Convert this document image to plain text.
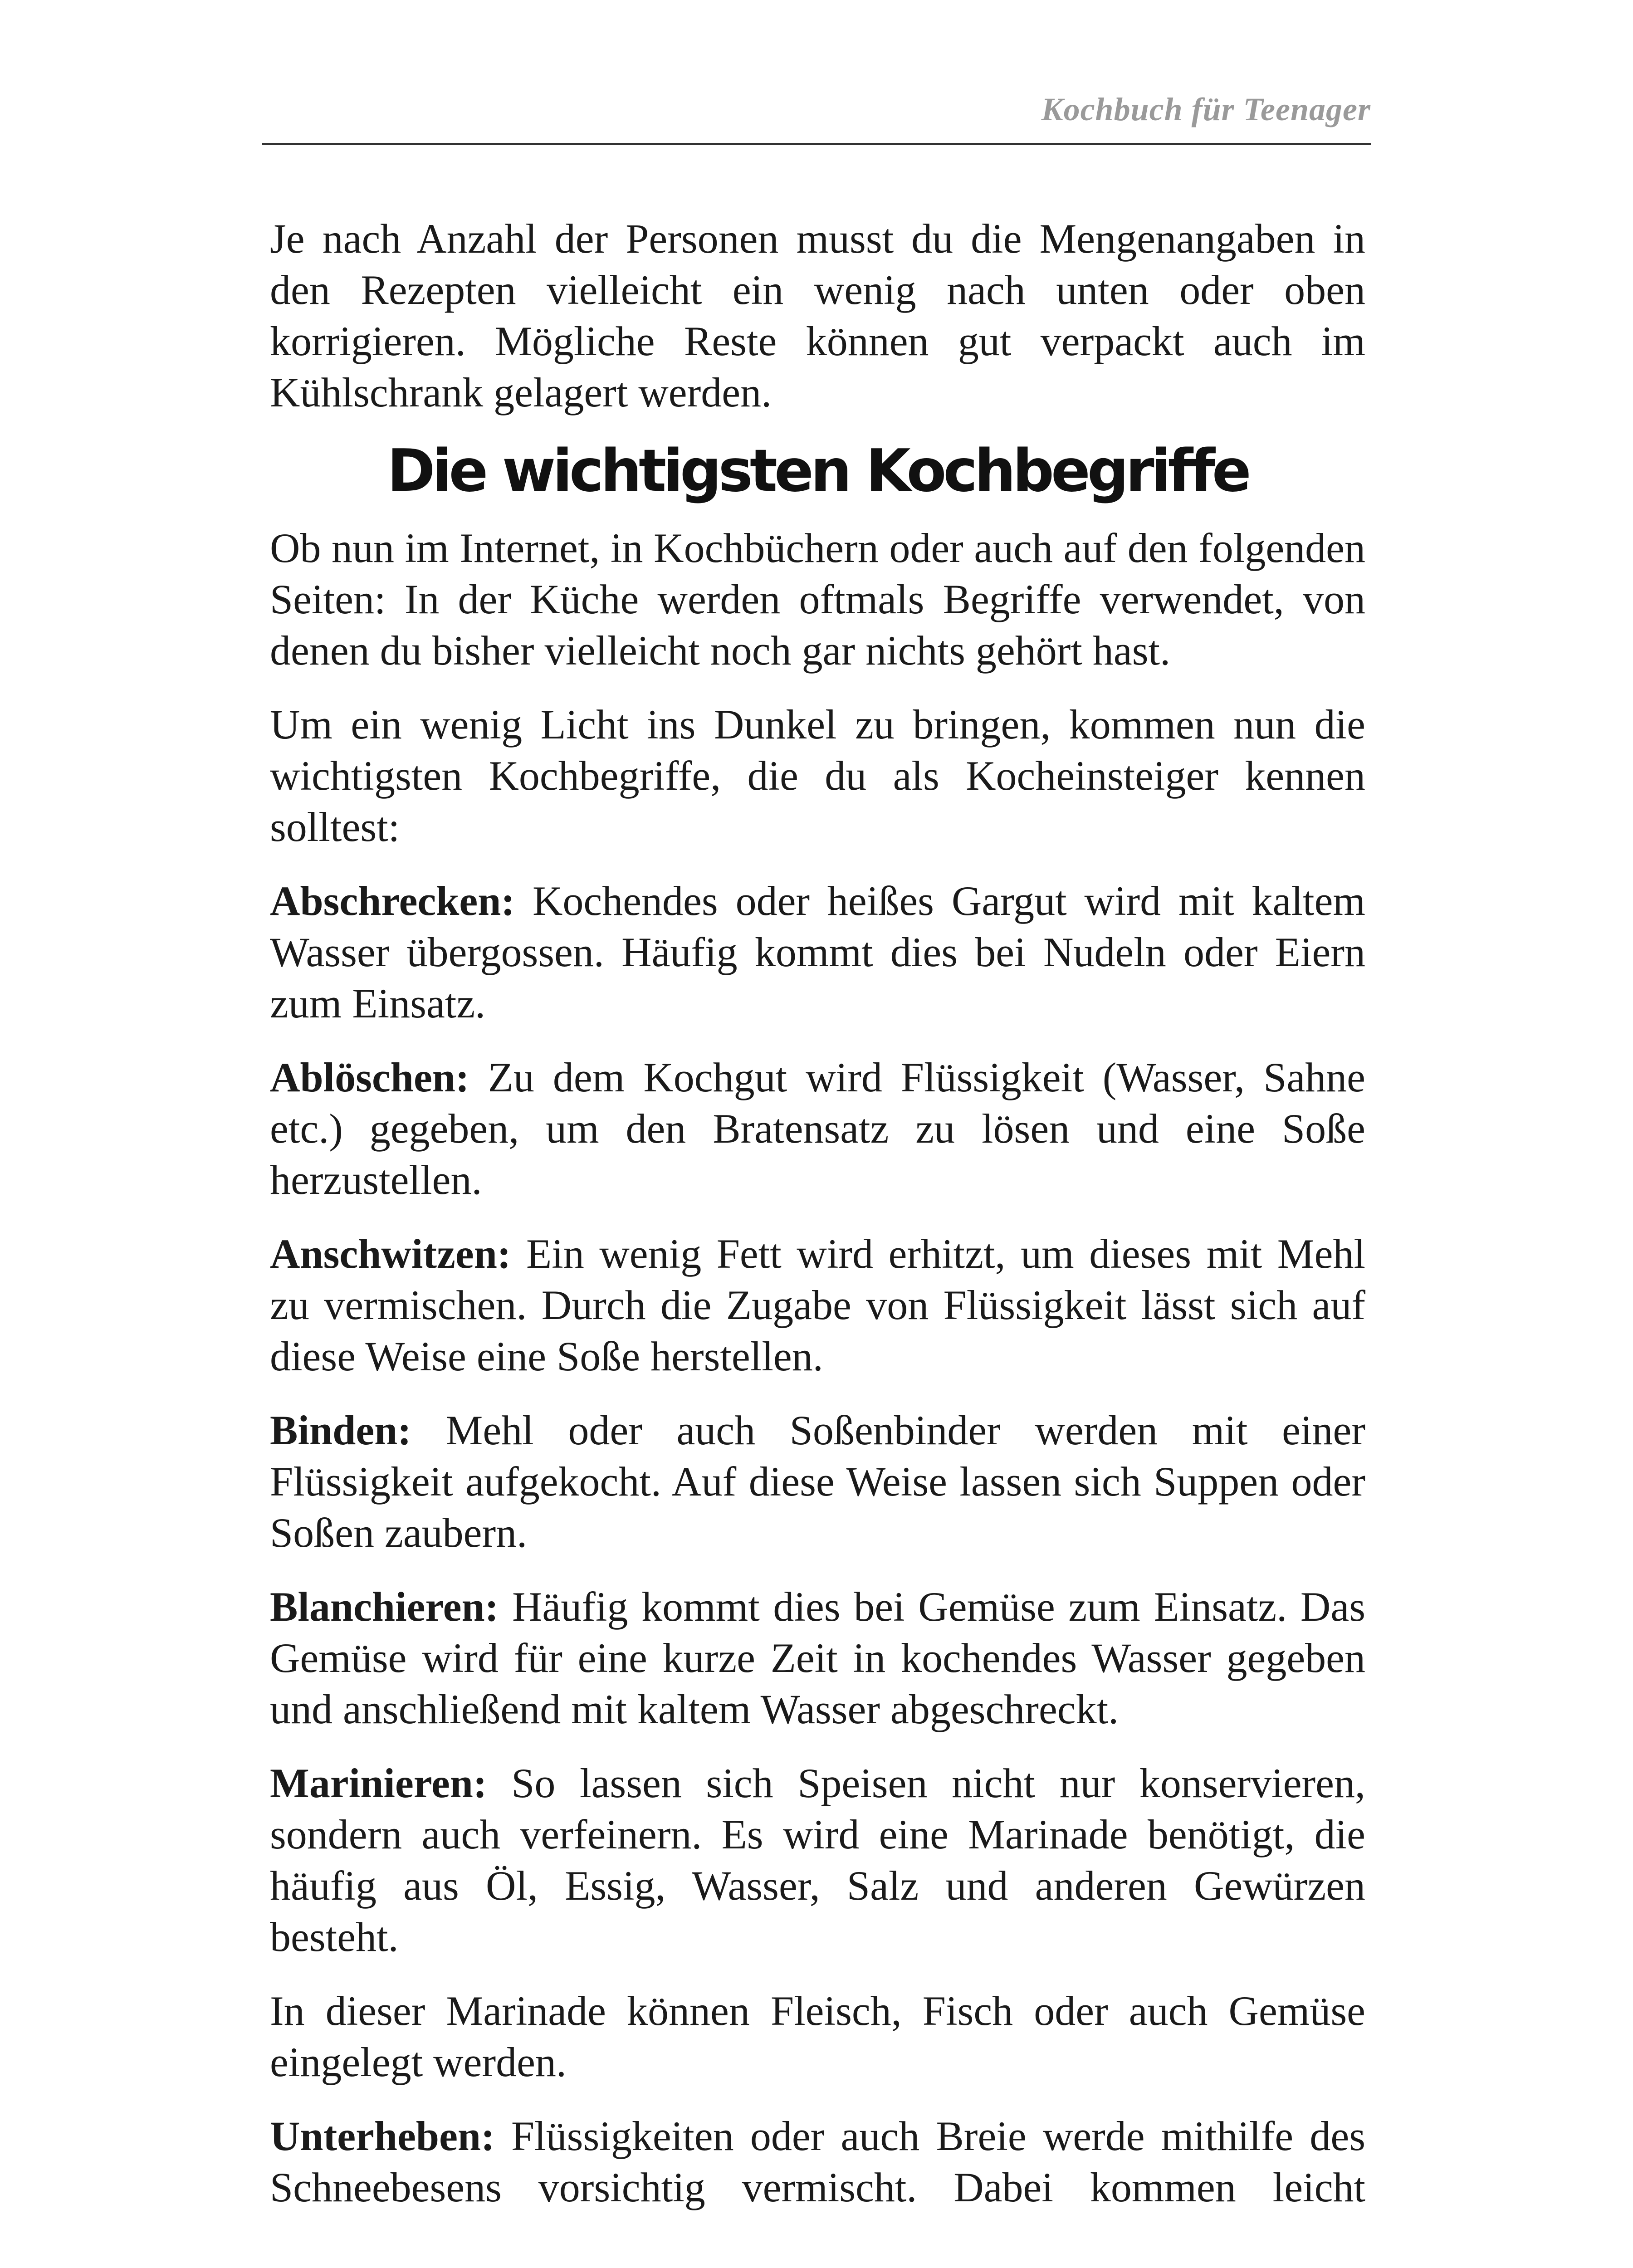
Kochbuch für Teenager

Je nach Anzahl der Personen musst du die Mengenangaben in den Rezepten vielleicht ein wenig nach unten oder oben korrigieren. Mögliche Reste können gut verpackt auch im Kühlschrank gelagert werden.

Die wichtigsten Kochbegriffe

Ob nun im Internet, in Kochbüchern oder auch auf den folgenden Seiten: In der Küche werden oftmals Begriffe verwendet, von denen du bisher vielleicht noch gar nichts gehört hast.

Um ein wenig Licht ins Dunkel zu bringen, kommen nun die wichtigsten Kochbegriffe, die du als Kocheinsteiger kennen solltest:

Abschrecken: Kochendes oder heißes Gargut wird mit kaltem Wasser übergossen. Häufig kommt dies bei Nudeln oder Eiern zum Einsatz.

Ablöschen: Zu dem Kochgut wird Flüssigkeit (Wasser, Sahne etc.) gegeben, um den Bratensatz zu lösen und eine Soße herzustellen.

Anschwitzen: Ein wenig Fett wird erhitzt, um dieses mit Mehl zu vermischen. Durch die Zugabe von Flüssigkeit lässt sich auf diese Weise eine Soße herstellen.

Binden: Mehl oder auch Soßenbinder werden mit einer Flüssigkeit aufgekocht. Auf diese Weise lassen sich Suppen oder Soßen zaubern.

Blanchieren: Häufig kommt dies bei Gemüse zum Einsatz. Das Gemüse wird für eine kurze Zeit in kochendes Wasser gegeben und anschließend mit kaltem Wasser abgeschreckt.

Marinieren: So lassen sich Speisen nicht nur konservieren, sondern auch verfeinern. Es wird eine Marinade benötigt, die häufig aus Öl, Essig, Wasser, Salz und anderen Gewürzen besteht.

In dieser Marinade können Fleisch, Fisch oder auch Gemüse eingelegt werden.

Unterheben: Flüssigkeiten oder auch Breie werde mithilfe des Schneebesens vorsichtig vermischt. Dabei kommen leicht
